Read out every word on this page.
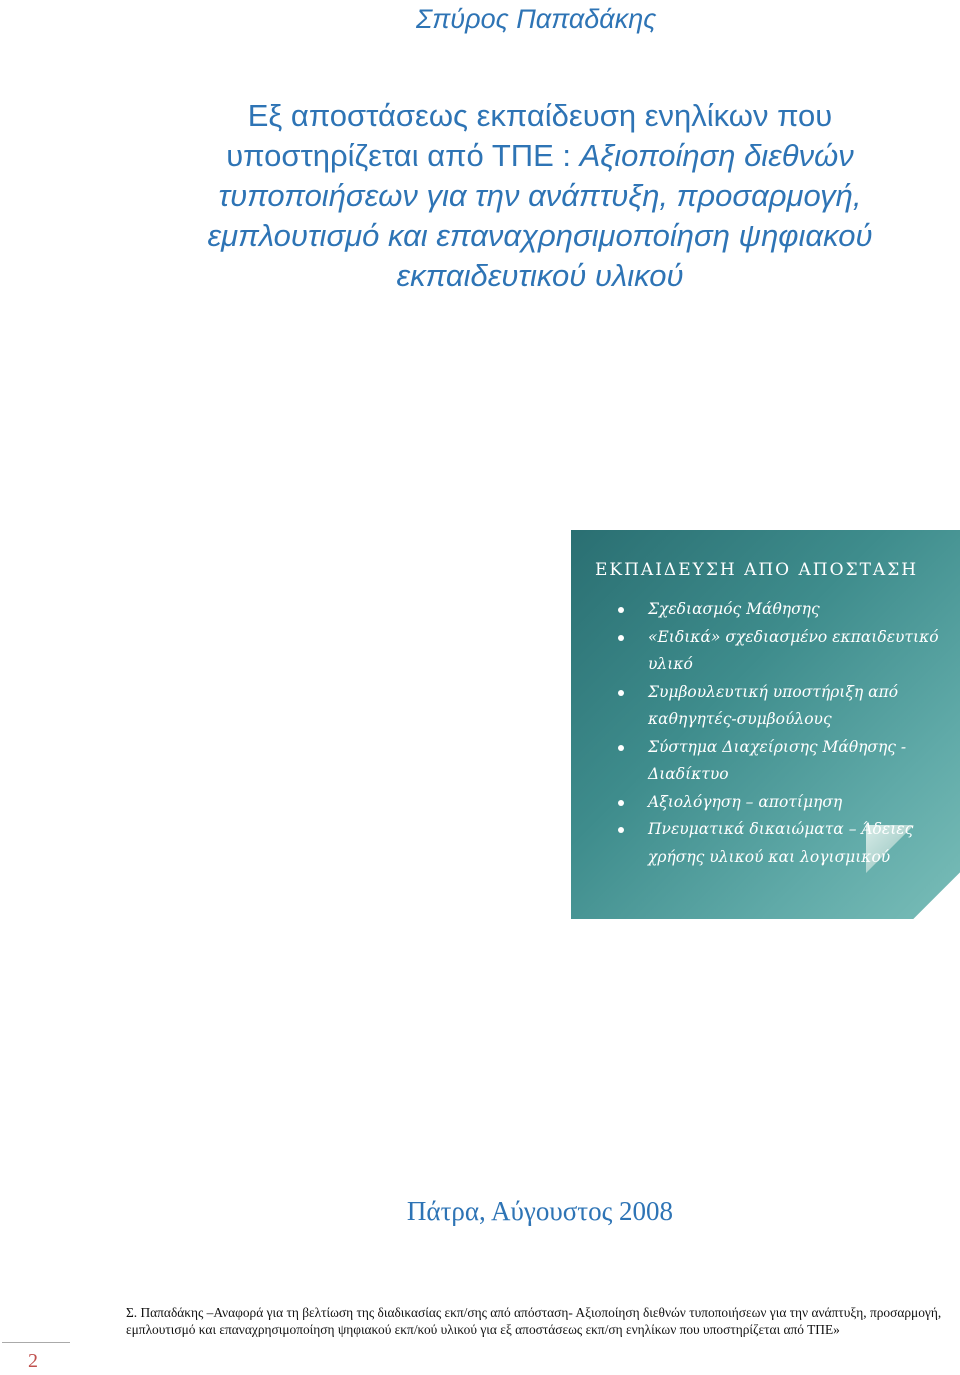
Σπύρος Παπαδάκης
Εξ αποστάσεως εκπαίδευση ενηλίκων που
υποστηρίζεται από ΤΠΕ : Αξιοποίηση διεθνών
τυποποιήσεων για την ανάπτυξη, προσαρμογή,
εμπλουτισμό και επαναχρησιμοποίηση ψηφιακού
εκπαιδευτικού υλικού
ΕΚΠΑΙΔΕΥΣΗ ΑΠΟ ΑΠΟΣΤΑΣΗ
Σχεδιασμός Μάθησης
«Ειδικά» σχεδιασμένο εκπαιδευτικό υλικό
Συμβουλευτική υποστήριξη από καθηγητές-συμβούλους
Σύστημα Διαχείρισης Μάθησης - Διαδίκτυο
Αξιολόγηση – αποτίμηση
Πνευματικά δικαιώματα – Άδειες χρήσης υλικού και λογισμικού
Πάτρα, Αύγουστος 2008
2
Σ. Παπαδάκης –Αναφορά για τη βελτίωση της διαδικασίας εκπ/σης από απόσταση- Αξιοποίηση διεθνών τυποποιήσεων για την ανάπτυξη, προσαρμογή, εμπλουτισμό και επαναχρησιμοποίηση ψηφιακού εκπ/κού υλικού για εξ αποστάσεως εκπ/ση ενηλίκων που υποστηρίζεται από ΤΠΕ»
